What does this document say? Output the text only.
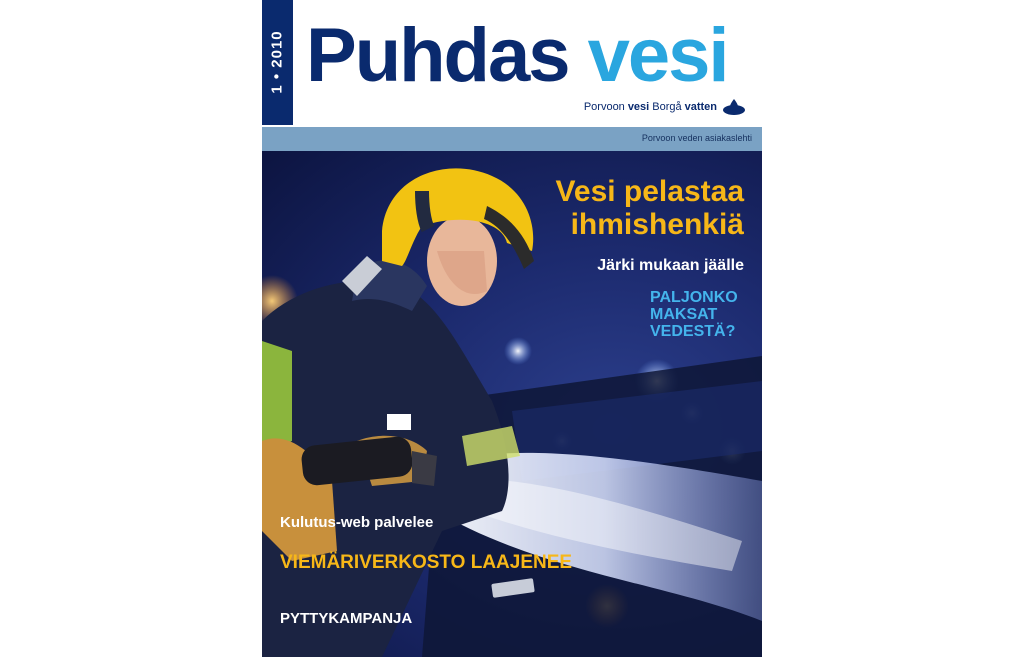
1 • 2010 Puhdas vesi
Porvoon vesi Borgå vatten
Porvoon veden asiakaslehti
Vesi pelastaa ihmishenkiä
Järki mukaan jäälle
PALJONKO MAKSAT VEDESTÄ?
Kulutus-web palvelee
VIEMÄRIVERKOSTO LAAJENEE
PYTTYKAMPANJA
